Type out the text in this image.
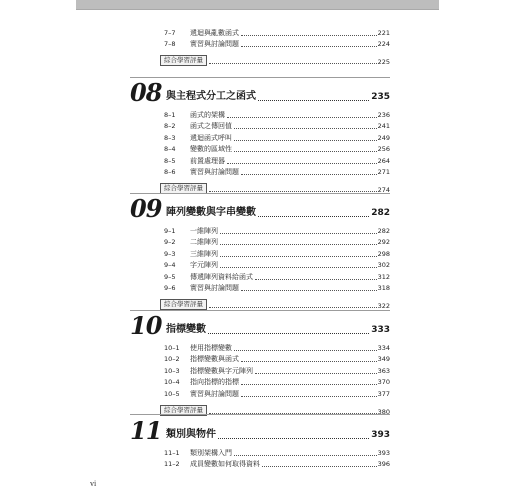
7–7	遞迴與亂數函式	221
7–8	實習與討論問題	224
綜合學習評量	225
08 與主程式分工之函式	235
8–1	函式的架構	236
8–2	函式之傳回值	241
8–3	遞迴函式呼叫	249
8–4	變數的區域性	256
8–5	前置處理器	264
8–6	實習與討論問題	271
綜合學習評量	274
09 陣列變數與字串變數	282
9–1	一維陣列	282
9–2	二維陣列	292
9–3	三維陣列	298
9–4	字元陣列	302
9–5	傳遞陣列資料給函式	312
9–6	實習與討論問題	318
綜合學習評量	322
10 指標變數	333
10–1	使用指標變數	334
10–2	指標變數與函式	349
10–3	指標變數與字元陣列	363
10–4	指向指標的指標	370
10–5	實習與討論問題	377
綜合學習評量	380
11 類別與物件	393
11–1	類別架構入門	393
11–2	成員變數如何取得資料	396
vi
